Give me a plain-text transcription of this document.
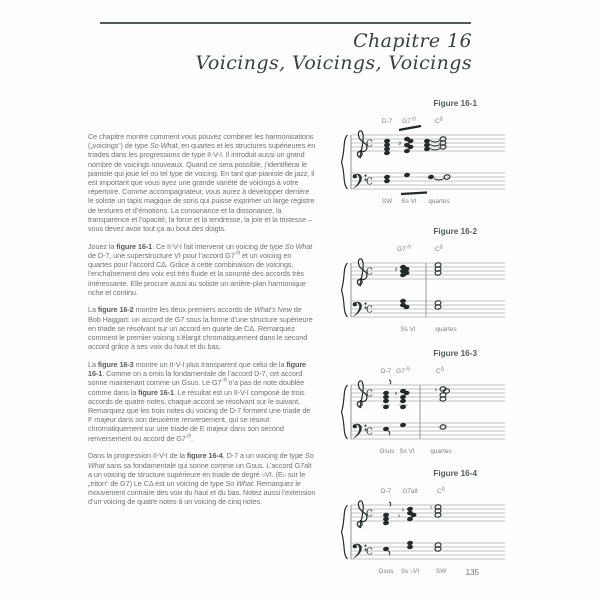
Chapitre 16
Voicings, Voicings, Voicings

Ce chapitre montre comment vous pouvez combiner les harmonisations („voicings“) de type So What, en quartes et les structures supérieures en triades dans les progressions de type II-V-I. Il introduit aussi un grand nombre de voicings nouveaux. Quand ce sera possible, j’identifierai le pianiste qui joue tel ou tel type de voicing. En tant que pianiste de jazz, il est important que vous ayez une grande variété de voicings à votre répertoire. Comme accompagnateur, vous aurez à développer derrière le soliste un tapis magique de sons qui puisse exprimer un large registre de textures et d’émotions. La consonance et la dissonance, la transparence et l’opacité, la force et la tendresse, la joie et la tristesse – vous devez avoir tout ça au bout des doigts.

Jouez la figure 16-1. Ce II-V-I fait intervenir un voicing de type So What de D-7, une superstructure VI pour l’accord $G7^{♭9}$ et un voicing en quartes pour l’accord CΔ. Grâce à cette combinaison de voicings, l’enchaînement des voix est très fluide et la sonorité des accords très intéressante. Elle procure aussi au soliste un arrière-plan harmonique riche et continu.

La figure 16-2 montre les deux premiers accords de What’s New de Bob Haggart: un accord de G7 sous la forme d’une structure supérieure en triade se résolvant sur un accord en quarte de CΔ. Remarquez comment le premier voicing s’élargit chromatiquement dans le second accord grâce à ses voix du haut et du bas.

La figure 16-3 montre un II-V-I plus transparent que celui de la figure 16-1. Comme on a omis la fondamentale de l’accord D-7, cet accord sonne maintenant comme un Gsus. Le $G7^{♭9}$ n’a pas de note doublée comme dans la figure 16-1. Le résultat est un II-V-I composé de trois accords de quatre notes, chaque accord se résolvant sur le suivant. Remarquez que les trois notes du voicing de D-7 forment une triade de F majeur dans son deuxième renversement, qui se résout chromatiquement sur une triade de E majeur dans son second renversement ou accord de $G7^{♭9}$.

Dans la progression II-V-I de la figure 16-4, D-7 a un voicing de type So What sans sa fondamentale qui sonne comme un Gsus. L’accord G7alt a un voicing de structure supérieure en triade de degré ♭VI. (E♭ sur le „triton“ de G7) Le CΔ est un voicing de type So What. Remarquez le mouvement contraire des voix du haut et du bas. Notez aussi l’extension d’un voicing de quatre notes à un voicing de cinq notes.

Figure 16-1
C
C
♯
D-7 $G7^{♭9}$	$C^\Delta$
SW Ss VI quartes
Figure 16-2
C
C
♯
$G7^{♭9}$	$C^\Delta$
Ss VI	quartes
Figure 16-3
C
C
♯
♭
D-7 $G7^{♭9}$	$C^\Delta$
Gsus Ss VI quartes
Figure 16-4
C
C
♭
♭
♮
D-7 G7alt	$C^\Delta$
Gsus Ss ♭VI	SW	135
